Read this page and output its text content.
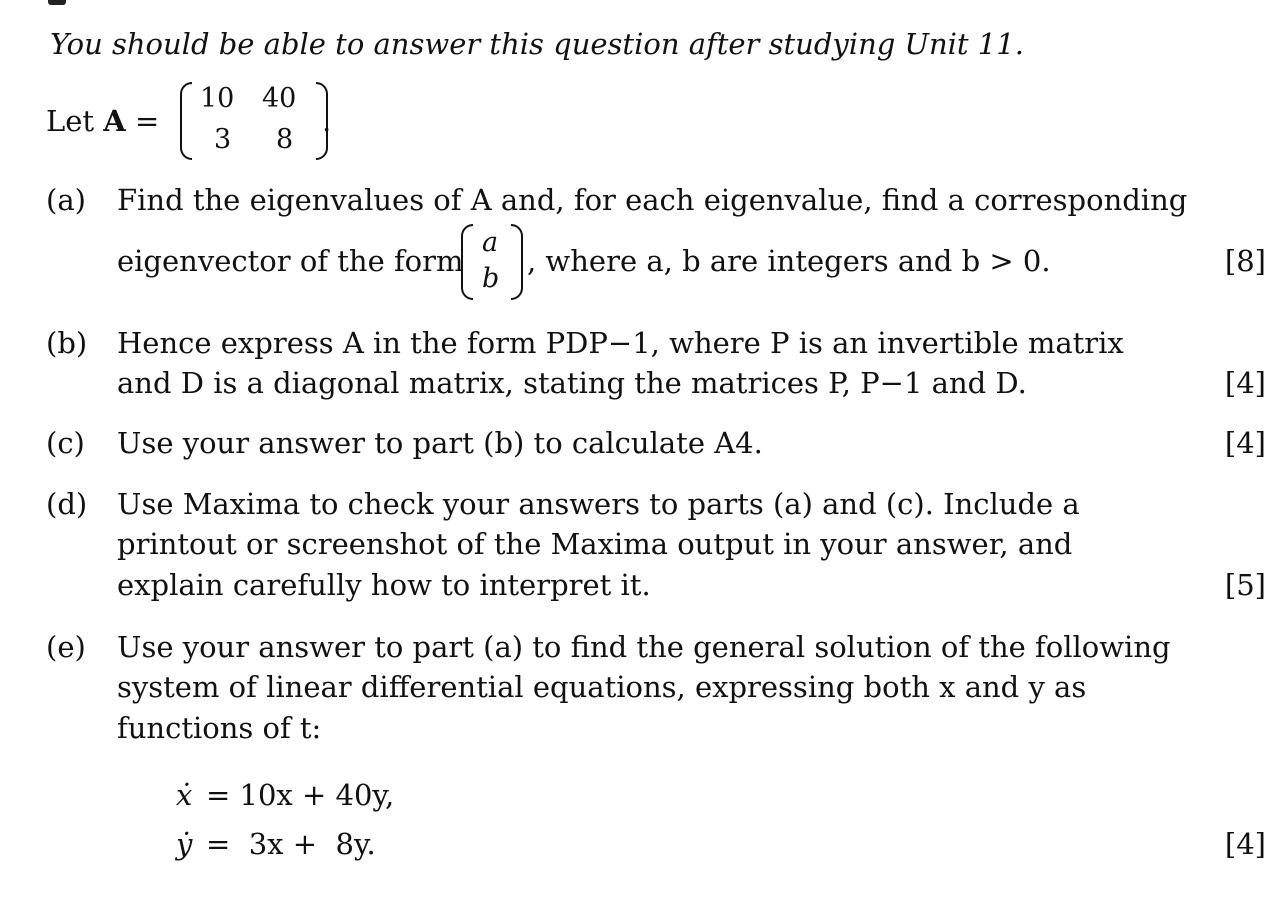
You should be able to answer this question after studying Unit 11.
Let A =
10 40
3 8
.
(a) Find the eigenvalues of A and, for each eigenvalue, find a corresponding
eigenvector of the form
a
b
, where a, b are integers and b > 0.	[8]
(b) Hence express A in the form PDP−1, where P is an invertible matrix
and D is a diagonal matrix, stating the matrices P, P−1 and D.	[4]
(c) Use your answer to part (b) to calculate A4.	[4]
(d) Use Maxima to check your answers to parts (a) and (c). Include a
printout or screenshot of the Maxima output in your answer, and
explain carefully how to interpret it.	[5]
(e) Use your answer to part (a) to find the general solution of the following
system of linear differential equations, expressing both x and y as
functions of t:
ẋ = 10x + 40y,
ẏ =  3x +  8y.	[4]
